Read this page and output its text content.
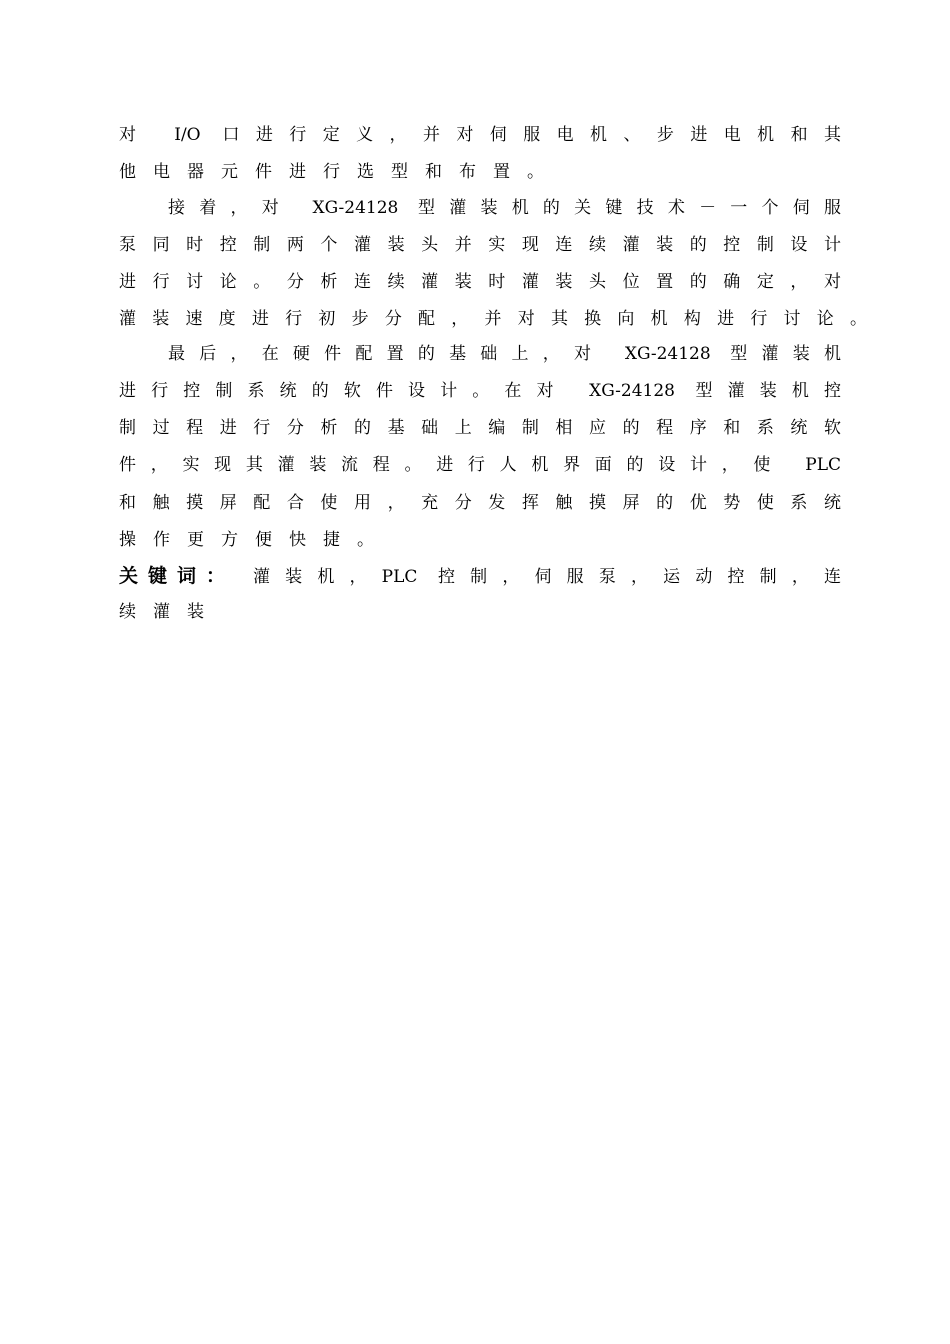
对 I/O 口进行定义，并对伺服电机、步进电机和其
他电器元件进行选型和布置。
接着，对 XG-24128 型灌装机的关键技术－一个伺服
泵同时控制两个灌装头并实现连续灌装的控制设计
进行讨论。分析连续灌装时灌装头位置的确定，对
灌装速度进行初步分配，并对其换向机构进行讨论。
最后，在硬件配置的基础上，对 XG-24128 型灌装机
进行控制系统的软件设计。在对 XG-24128 型灌装机控
制过程进行分析的基础上编制相应的程序和系统软
件，实现其灌装流程。进行人机界面的设计，使 PLC
和触摸屏配合使用，充分发挥触摸屏的优势使系统
操作更方便快捷。
关键词： 灌装机，PLC 控制，伺服泵，运动控制，连
续灌装
